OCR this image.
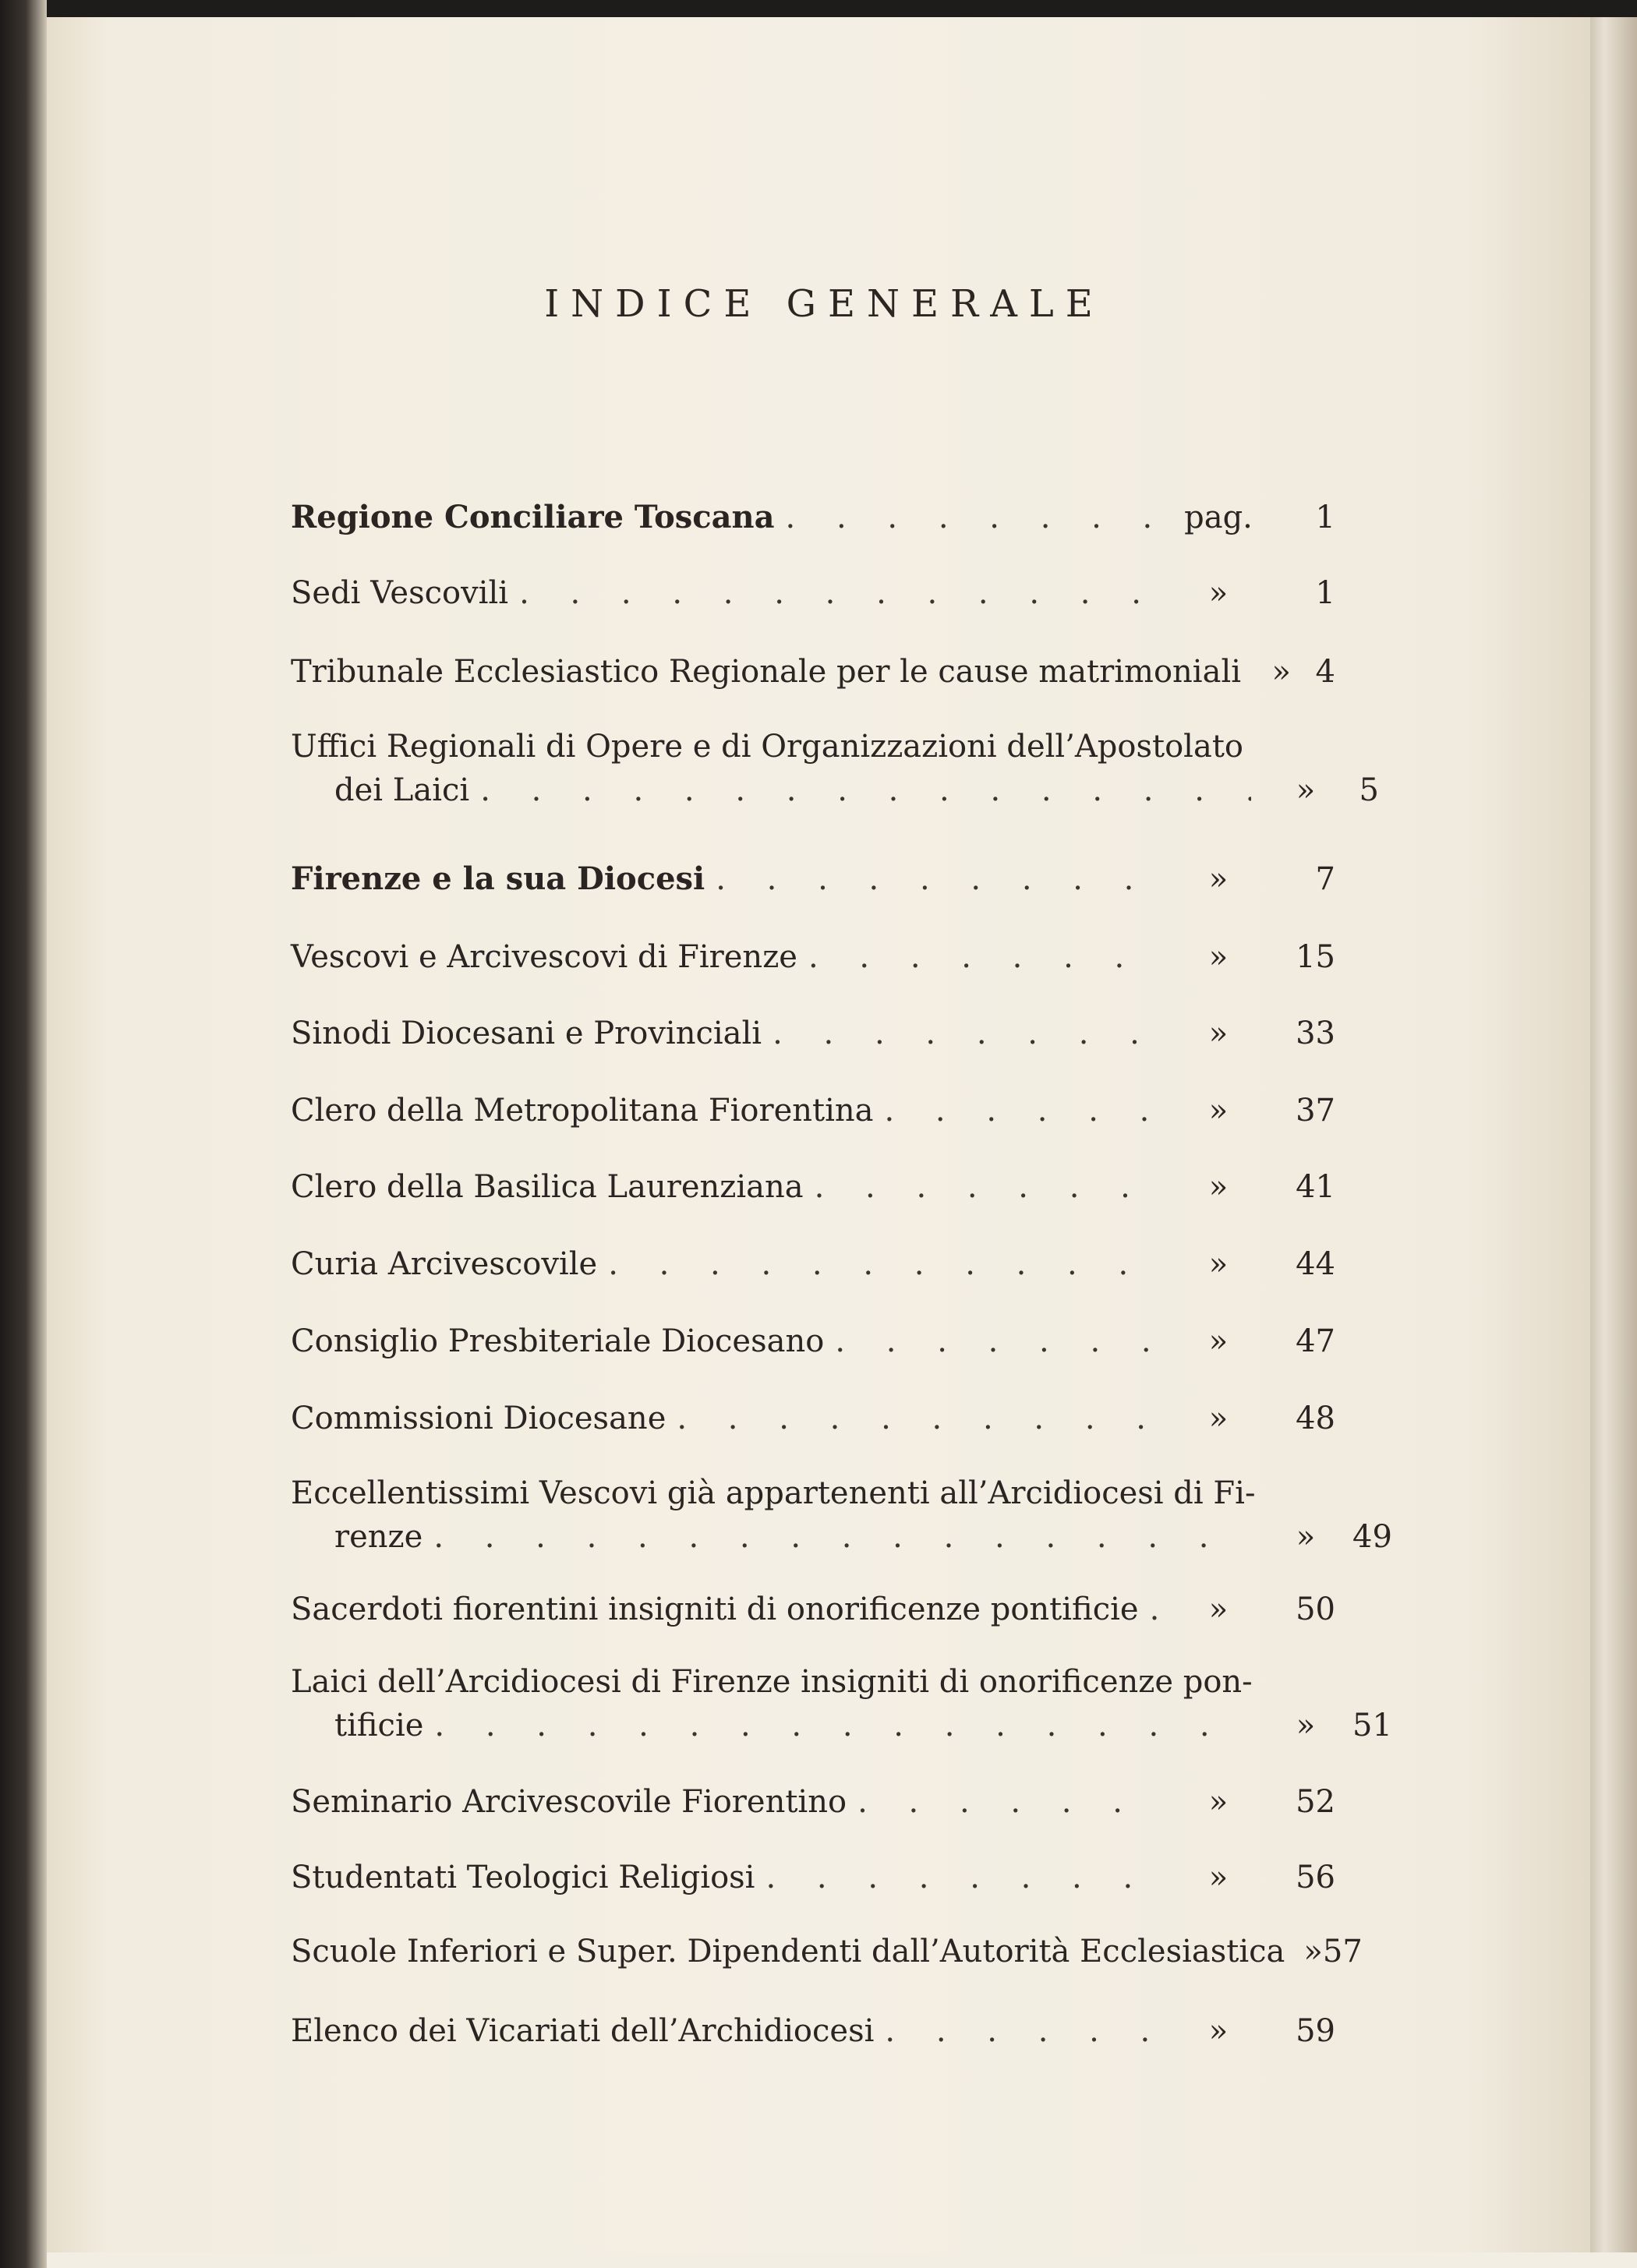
INDICE GENERALE
Regione Conciliare Toscana . . .	pag.	1
Sedi Vescovili . . .	»	1
Tribunale Ecclesiastico Regionale per le cause matrimoniali . . . » 4
Uffici Regionali di Opere e di Organizzazioni dell’Apostolato
dei Laici . . .	»	5
Firenze e la sua Diocesi . . .	»	7
Vescovi e Arcivescovi di Firenze . . .	»	15
Sinodi Diocesani e Provinciali . . .	»	33
Clero della Metropolitana Fiorentina . . .	»	37
Clero della Basilica Laurenziana . . .	»	41
Curia Arcivescovile . . .	»	44
Consiglio Presbiteriale Diocesano . . .	»	47
Commissioni Diocesane . . .	»	48
Eccellentissimi Vescovi già appartenenti all’Arcidiocesi di Fi-
renze . . .	»	49
Sacerdoti fiorentini insigniti di onorificenze pontificie . . .	»	50
Laici dell’Arcidiocesi di Firenze insigniti di onorificenze pon-
tificie . . .	»	51
Seminario Arcivescovile Fiorentino . . .	»	52
Studentati Teologici Religiosi . . .	»	56
Scuole Inferiori e Super. Dipendenti dall’Autorità Ecclesiastica . . . » 57
Elenco dei Vicariati dell’Archidiocesi . . .	»	59
